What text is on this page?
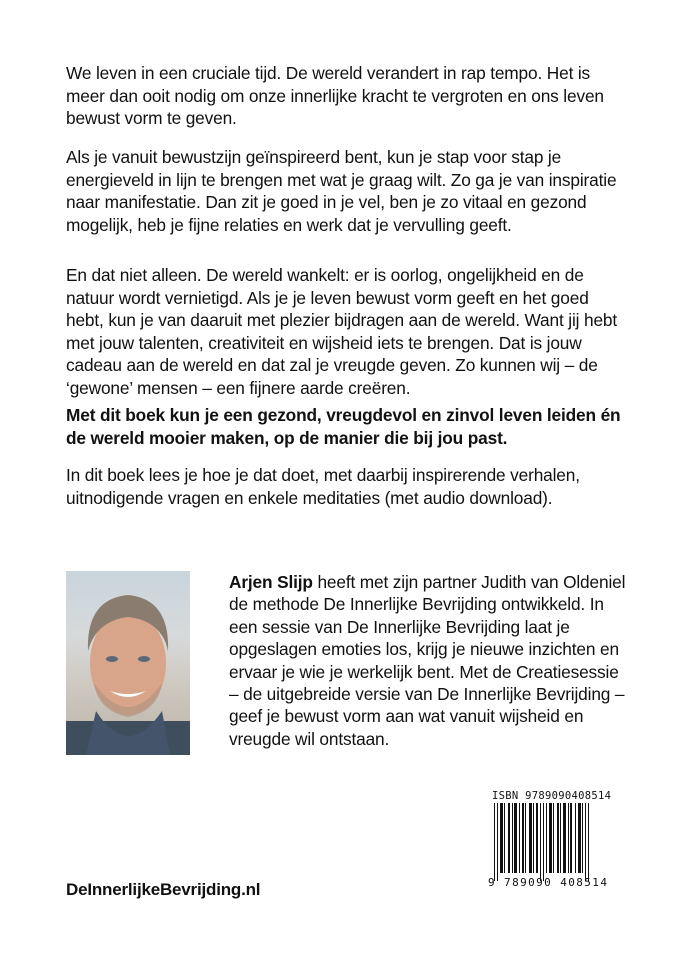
We leven in een cruciale tijd. De wereld verandert in rap tempo. Het is meer dan ooit nodig om onze innerlijke kracht te vergroten en ons leven bewust vorm te geven.

Als je vanuit bewustzijn geïnspireerd bent, kun je stap voor stap je energieveld in lijn te brengen met wat je graag wilt. Zo ga je van inspiratie naar manifestatie. Dan zit je goed in je vel, ben je zo vitaal en gezond mogelijk, heb je fijne relaties en werk dat je vervulling geeft.

En dat niet alleen. De wereld wankelt: er is oorlog, ongelijkheid en de natuur wordt vernietigd. Als je je leven bewust vorm geeft en het goed hebt, kun je van daaruit met plezier bijdragen aan de wereld. Want jij hebt met jouw talenten, creativiteit en wijsheid iets te brengen. Dat is jouw cadeau aan de wereld en dat zal je vreugde geven. Zo kunnen wij – de ‘gewone’ mensen – een fijnere aarde creëren.

Met dit boek kun je een gezond, vreugdevol en zinvol leven leiden én de wereld mooier maken, op de manier die bij jou past.

In dit boek lees je hoe je dat doet, met daarbij inspirerende verhalen, uitnodigende vragen en enkele meditaties (met audio download).

Arjen Slijp heeft met zijn partner Judith van Oldeniel de methode De Innerlijke Bevrijding ontwikkeld. In een sessie van De Innerlijke Bevrijding laat je opgeslagen emoties los, krijg je nieuwe inzichten en ervaar je wie je werkelijk bent. Met de Creatiesessie – de uitgebreide versie van De Innerlijke Bevrijding – geef je bewust vorm aan wat vanuit wijsheid en vreugde wil ontstaan.

ISBN 9789090408514
9 789090 408514
DeInnerlijkeBevrijding.nl
